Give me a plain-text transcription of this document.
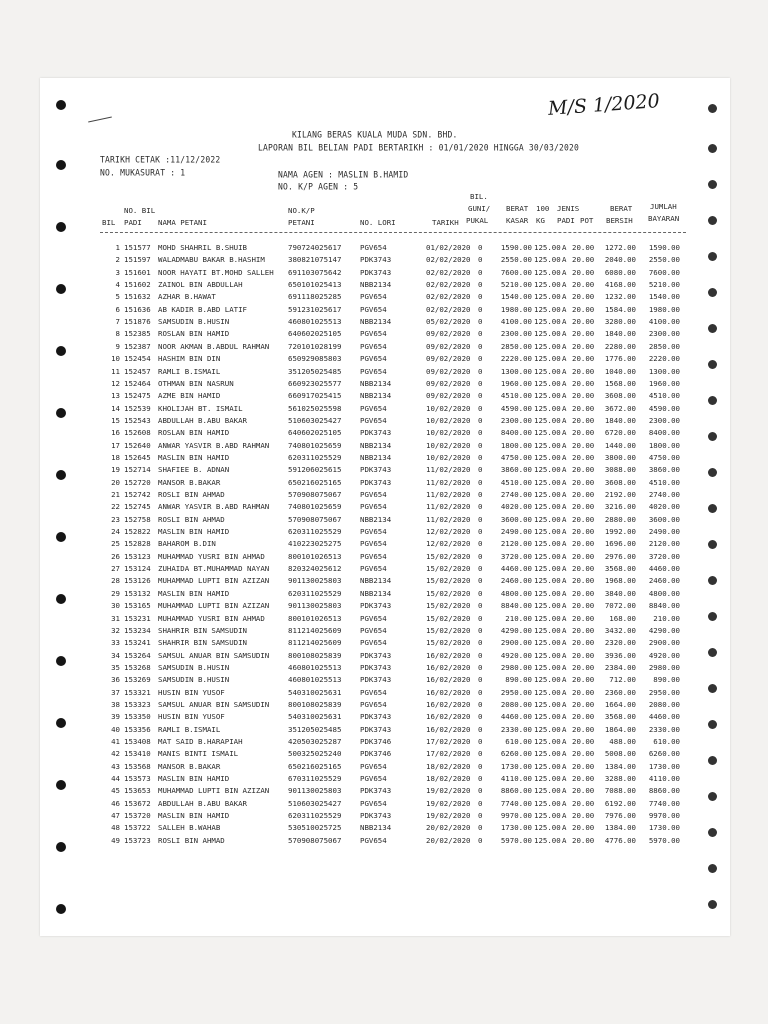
M/S 1/2020
KILANG BERAS KUALA MUDA SDN. BHD.
LAPORAN BIL BELIAN PADI BERTARIKH : 01/01/2020 HINGGA 30/03/2020
TARIKH CETAK :11/12/2022
NO. MUKASURAT : 1	NAMA AGEN : MASLIN B.HAMID
NO. K/P AGEN : 5
NO. BIL
BIL PADI NAMA PETANI
NO.K/P
PETANI	NO. LORI	TARIKH
BIL.
GUNI/
PUKAL
BERAT
KASAR
100
KG
JENIS
PADI POT
BERAT
BERSIH
JUMLAH
BAYARAN
1 151577 MOHD SHAHRIL B.SHUIB	790724025617	PGV654	01/02/2020 0	1590.00 125.00 A 20.00	1272.00	1590.00
2 151597 WALADMABU BAKAR B.HASHIM	380821075147	PDK3743	02/02/2020 0	2550.00 125.00 A 20.00	2040.00	2550.00
3 151601 NOOR HAYATI BT.MOHD SALLEH 691103075642	PDK3743	02/02/2020 0	7600.00 125.00 A 20.00	6080.00	7600.00
4 151602 ZAINOL BIN ABDULLAH	650101025413	NBB2134	02/02/2020 0	5210.00 125.00 A 20.00	4168.00	5210.00
5 151632 AZHAR B.HAWAT	691118025285	PGV654	02/02/2020 0	1540.00 125.00 A 20.00	1232.00	1540.00
6 151636 AB KADIR B.ABD LATIF	591231025617	PGV654	02/02/2020 0	1980.00 125.00 A 20.00	1584.00	1980.00
7 151876 SAMSUDIN B.HUSIN	460801025513	NBB2134	05/02/2020 0	4100.00 125.00 A 20.00	3280.00	4100.00
8 152385 ROSLAN BIN HAMID	640602025105	PGV654	09/02/2020 0	2300.00 125.00 A 20.00	1840.00	2300.00
9 152387 NOOR AKMAN B.ABDUL RAHMAN	720101028199	PGV654	09/02/2020 0	2850.00 125.00 A 20.00	2280.00	2850.00
10 152454 HASHIM BIN DIN	650929085803	PGV654	09/02/2020 0	2220.00 125.00 A 20.00	1776.00	2220.00
11 152457 RAMLI B.ISMAIL	351205025485	PGV654	09/02/2020 0	1300.00 125.00 A 20.00	1040.00	1300.00
12 152464 OTHMAN BIN NASRUN	660923025577	NBB2134	09/02/2020 0	1960.00 125.00 A 20.00	1568.00	1960.00
13 152475 AZME BIN HAMID	660917025415	NBB2134	09/02/2020 0	4510.00 125.00 A 20.00	3608.00	4510.00
14 152539 KHOLIJAH BT. ISMAIL	561025025598	PGV654	10/02/2020 0	4590.00 125.00 A 20.00	3672.00	4590.00
15 152543 ABDULLAH B.ABU BAKAR	510603025427	PGV654	10/02/2020 0	2300.00 125.00 A 20.00	1840.00	2300.00
16 152608 ROSLAN BIN HAMID	640602025105	PDK3743	10/02/2020 0	8400.00 125.00 A 20.00	6720.00	8400.00
17 152640 ANWAR YASVIR B.ABD RAHMAN	740801025659	NBB2134	10/02/2020 0	1800.00 125.00 A 20.00	1440.00	1800.00
18 152645 MASLIN BIN HAMID	620311025529	NBB2134	10/02/2020 0	4750.00 125.00 A 20.00	3800.00	4750.00
19 152714 SHAFIEE B. ADNAN	591206025615	PDK3743	11/02/2020 0	3860.00 125.00 A 20.00	3088.00	3860.00
20 152720 MANSOR B.BAKAR	650216025165	PDK3743	11/02/2020 0	4510.00 125.00 A 20.00	3608.00	4510.00
21 152742 ROSLI BIN AHMAD	570908075067	PGV654	11/02/2020 0	2740.00 125.00 A 20.00	2192.00	2740.00
22 152745 ANWAR YASVIR B.ABD RAHMAN	740801025659	PGV654	11/02/2020 0	4020.00 125.00 A 20.00	3216.00	4020.00
23 152758 ROSLI BIN AHMAD	570908075067	NBB2134	11/02/2020 0	3600.00 125.00 A 20.00	2880.00	3600.00
24 152822 MASLIN BIN HAMID	620311025529	PGV654	12/02/2020 0	2490.00 125.00 A 20.00	1992.00	2490.00
25 152828 BAHAROM B.DIN	410223025275	PGV654	12/02/2020 0	2120.00 125.00 A 20.00	1696.00	2120.00
26 153123 MUHAMMAD YUSRI BIN AHMAD	800101026513	PGV654	15/02/2020 0	3720.00 125.00 A 20.00	2976.00	3720.00
27 153124 ZUHAIDA BT.MUHAMMAD NAYAN	820324025612	PGV654	15/02/2020 0	4460.00 125.00 A 20.00	3568.00	4460.00
28 153126 MUHAMMAD LUPTI BIN AZIZAN	901130025803	NBB2134	15/02/2020 0	2460.00 125.00 A 20.00	1968.00	2460.00
29 153132 MASLIN BIN HAMID	620311025529	NBB2134	15/02/2020 0	4800.00 125.00 A 20.00	3840.00	4800.00
30 153165 MUHAMMAD LUPTI BIN AZIZAN	901130025803	PDK3743	15/02/2020 0	8840.00 125.00 A 20.00	7072.00	8840.00
31 153231 MUHAMMAD YUSRI BIN AHMAD	800101026513	PGV654	15/02/2020 0	210.00 125.00 A 20.00	168.00	210.00
32 153234 SHAHRIR BIN SAMSUDIN	811214025609	PGV654	15/02/2020 0	4290.00 125.00 A 20.00	3432.00	4290.00
33 153241 SHAHRIR BIN SAMSUDIN	811214025609	PGV654	15/02/2020 0	2900.00 125.00 A 20.00	2320.00	2900.00
34 153264 SAMSUL ANUAR BIN SAMSUDIN	800108025839	PDK3743	16/02/2020 0	4920.00 125.00 A 20.00	3936.00	4920.00
35 153268 SAMSUDIN B.HUSIN	460801025513	PDK3743	16/02/2020 0	2980.00 125.00 A 20.00	2384.00	2980.00
36 153269 SAMSUDIN B.HUSIN	460801025513	PDK3743	16/02/2020 0	890.00 125.00 A 20.00	712.00	890.00
37 153321 HUSIN BIN YUSOF	540310025631	PGV654	16/02/2020 0	2950.00 125.00 A 20.00	2360.00	2950.00
38 153323 SAMSUL ANUAR BIN SAMSUDIN	800108025839	PGV654	16/02/2020 0	2080.00 125.00 A 20.00	1664.00	2080.00
39 153350 HUSIN BIN YUSOF	540310025631	PDK3743	16/02/2020 0	4460.00 125.00 A 20.00	3568.00	4460.00
40 153356 RAMLI B.ISMAIL	351205025485	PDK3743	16/02/2020 0	2330.00 125.00 A 20.00	1864.00	2330.00
41 153408 MAT SAID B.HARAPIAH	420503025287	PDK3746	17/02/2020 0	610.00 125.00 A 20.00	488.00	610.00
42 153410 MANIS BINTI ISMAIL	500325025240	PDK3746	17/02/2020 0	6260.00 125.00 A 20.00	5008.00	6260.00
43 153568 MANSOR B.BAKAR	650216025165	PGV654	18/02/2020 0	1730.00 125.00 A 20.00	1384.00	1730.00
44 153573 MASLIN BIN HAMID	670311025529	PGV654	18/02/2020 0	4110.00 125.00 A 20.00	3288.00	4110.00
45 153653 MUHAMMAD LUPTI BIN AZIZAN	901130025803	PDK3743	19/02/2020 0	8860.00 125.00 A 20.00	7088.00	8860.00
46 153672 ABDULLAH B.ABU BAKAR	510603025427	PGV654	19/02/2020 0	7740.00 125.00 A 20.00	6192.00	7740.00
47 153720 MASLIN BIN HAMID	620311025529	PDK3743	19/02/2020 0	9970.00 125.00 A 20.00	7976.00	9970.00
48 153722 SALLEH B.WAHAB	530510025725	NBB2134	20/02/2020 0	1730.00 125.00 A 20.00	1384.00	1730.00
49 153723 ROSLI BIN AHMAD	570908075067	PGV654	20/02/2020 0	5970.00 125.00 A 20.00	4776.00	5970.00
